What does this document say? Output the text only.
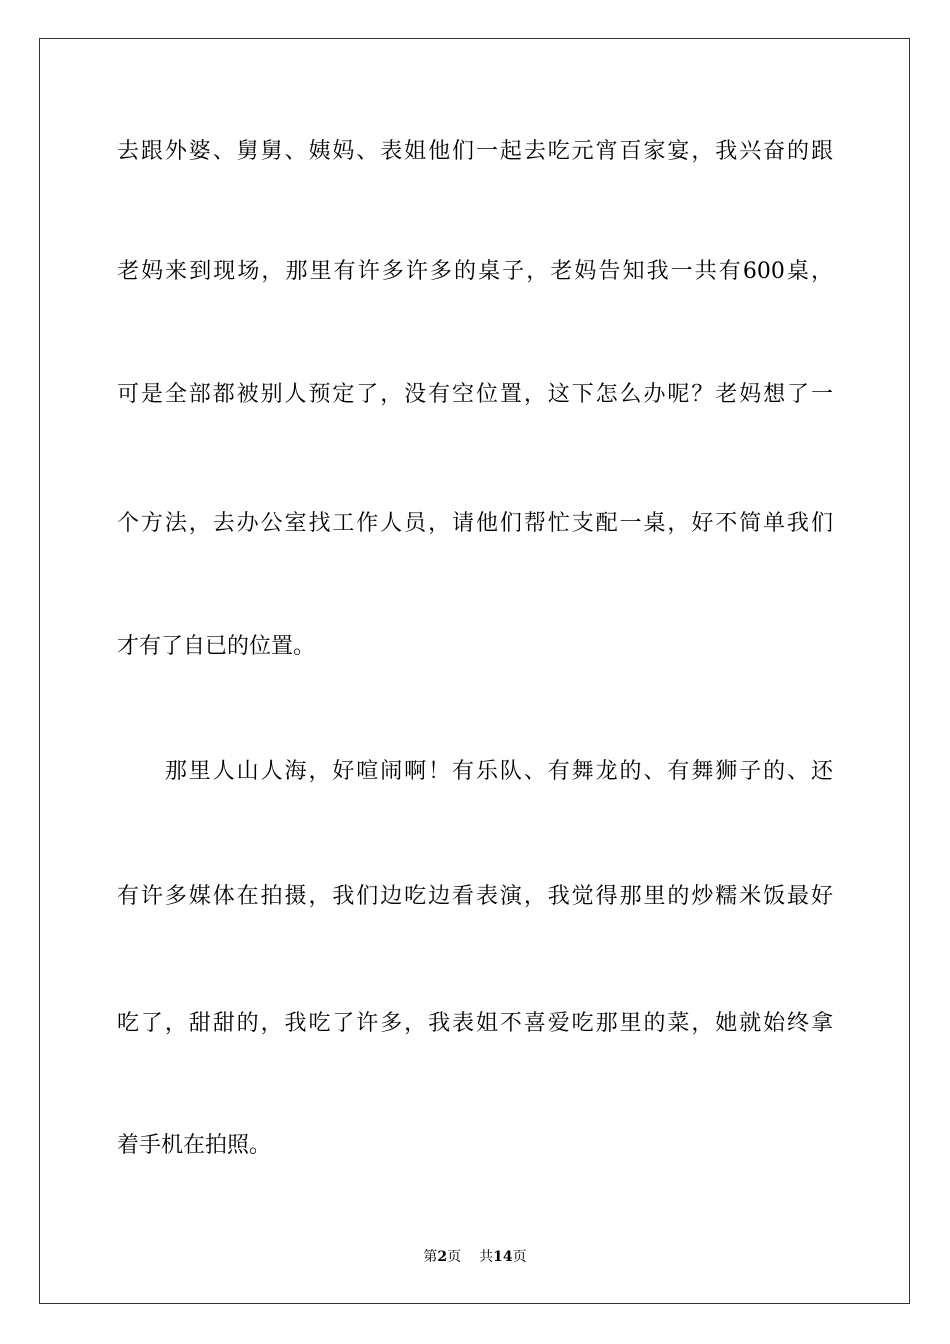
去跟外婆、舅舅、姨妈、表姐他们一起去吃元宵百家宴，我兴奋的跟
老妈来到现场，那里有许多许多的桌子，老妈告知我一共有600桌，
可是全部都被别人预定了，没有空位置，这下怎么办呢？老妈想了一
个方法，去办公室找工作人员，请他们帮忙支配一桌，好不简单我们
才有了自已的位置。
　　那里人山人海，好喧闹啊！有乐队、有舞龙的、有舞狮子的、还
有许多媒体在拍摄，我们边吃边看表演，我觉得那里的炒糯米饭最好
吃了，甜甜的，我吃了许多，我表姐不喜爱吃那里的菜，她就始终拿
着手机在拍照。
第2页 共14页
